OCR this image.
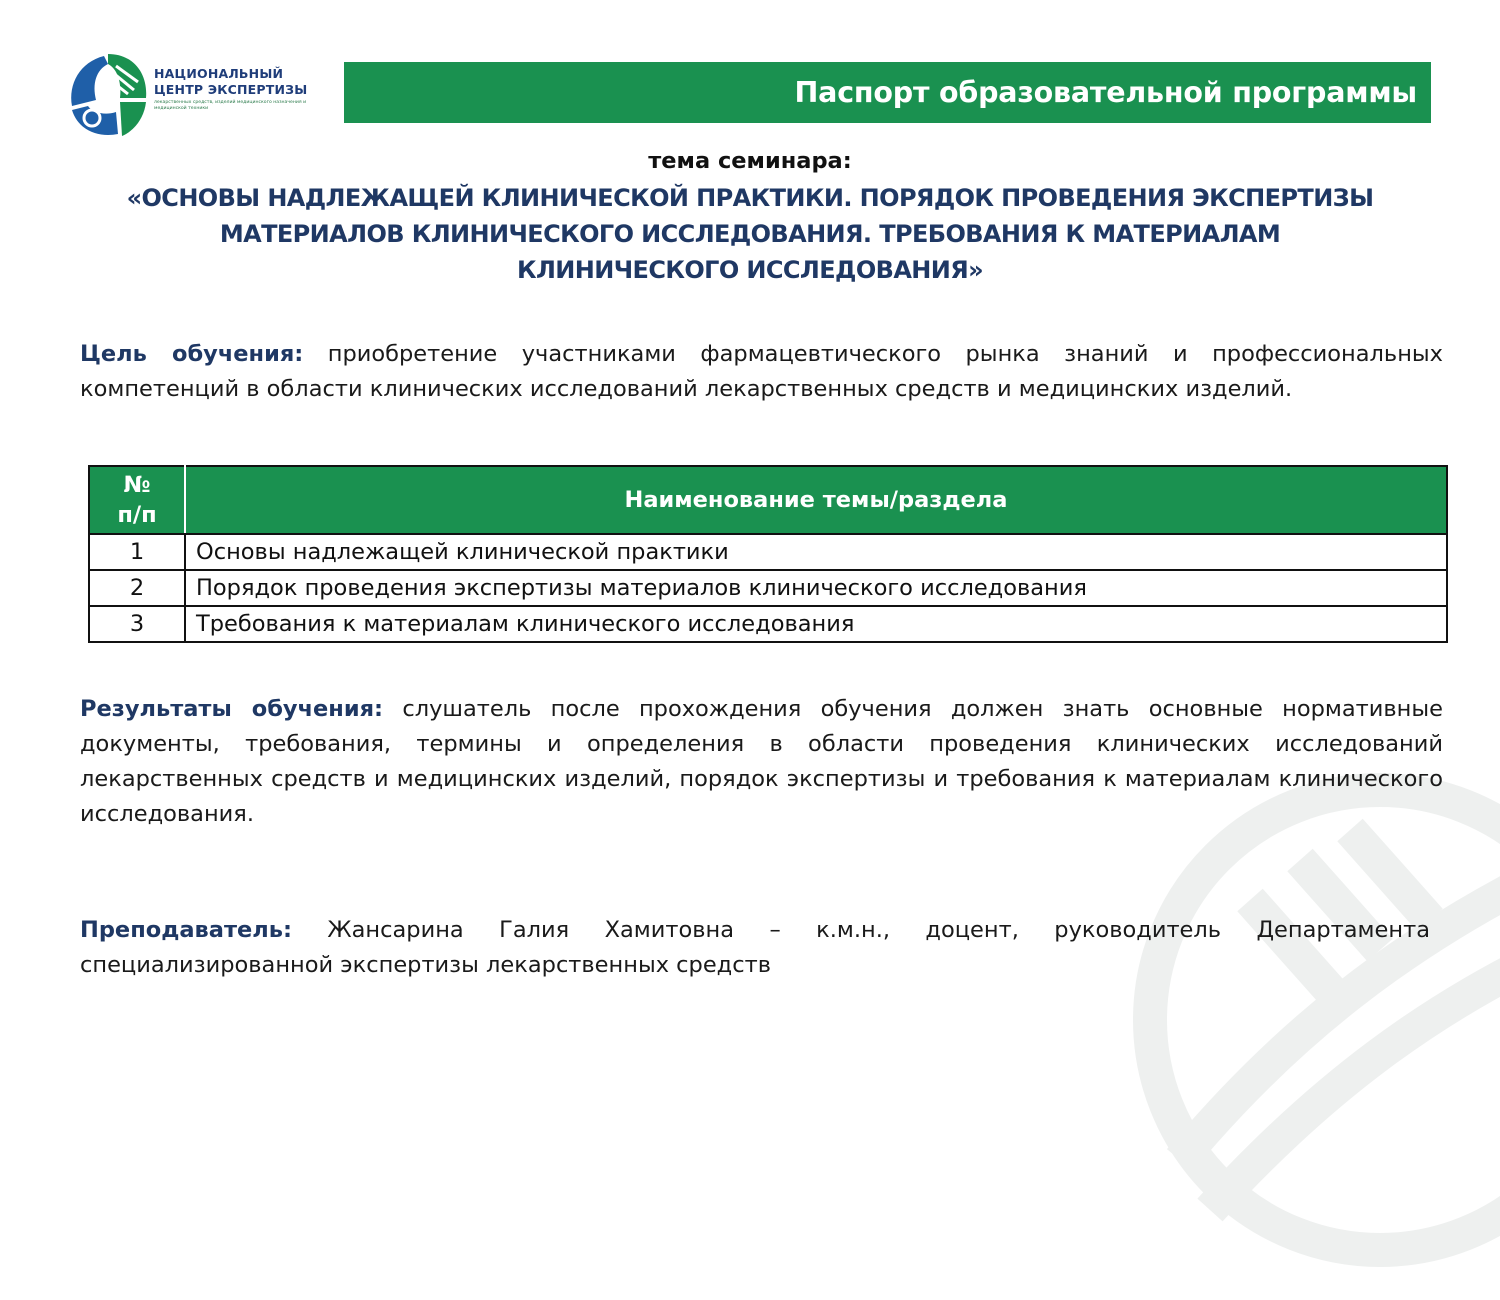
НАЦИОНАЛЬНЫЙ
ЦЕНТР ЭКСПЕРТИЗЫ
лекарственных средств, изделий медицинского назначения и медицинской техники	Паспорт образовательной программы
тема семинара:
«ОСНОВЫ НАДЛЕЖАЩЕЙ КЛИНИЧЕСКОЙ ПРАКТИКИ. ПОРЯДОК ПРОВЕДЕНИЯ ЭКСПЕРТИЗЫ
МАТЕРИАЛОВ КЛИНИЧЕСКОГО ИССЛЕДОВАНИЯ. ТРЕБОВАНИЯ К МАТЕРИАЛАМ
КЛИНИЧЕСКОГО ИССЛЕДОВАНИЯ»
Цель обучения: приобретение участниками фармацевтического рынка знаний и профессиональных компетенций в области клинических исследований лекарственных средств и медицинских изделий.
№
п/п	Наименование темы/раздела
1	Основы надлежащей клинической практики
2	Порядок проведения экспертизы материалов клинического исследования
3	Требования к материалам клинического исследования
Результаты обучения: слушатель после прохождения обучения должен знать основные нормативные документы, требования, термины и определения в области проведения клинических исследований лекарственных средств и медицинских изделий, порядок экспертизы и требования к материалам клинического исследования.
Преподаватель: Жансарина Галия Хамитовна – к.м.н., доцент, руководитель Департамента специализированной экспертизы лекарственных средств
